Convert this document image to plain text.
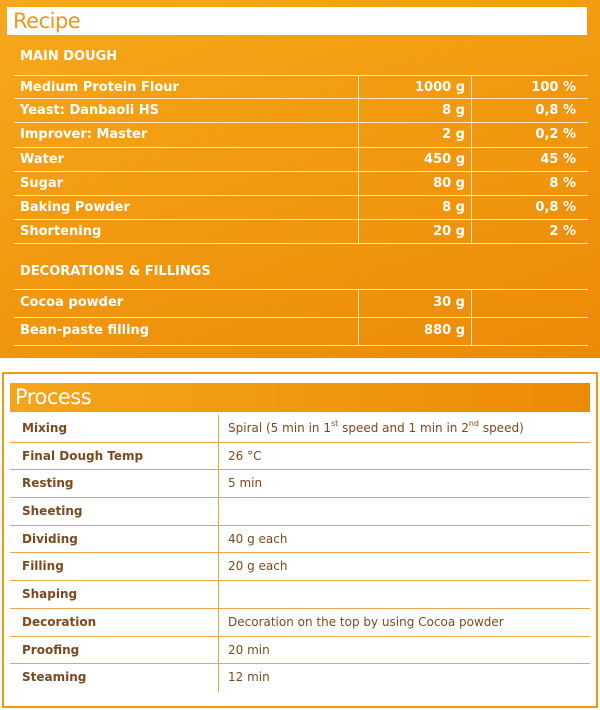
Recipe
MAIN DOUGH
Medium Protein Flour	1000 g	100 %
Yeast: Danbaoli HS	8 g	0,8 %
Improver: Master	2 g	0,2 %
Water	450 g	45 %
Sugar	80 g	8 %
Baking Powder	8 g	0,8 %
Shortening	20 g	2 %
DECORATIONS & FILLINGS
Cocoa powder	30 g
Bean-paste filling	880 g
Process
Mixing	Spiral (5 min in 1st speed and 1 min in 2nd speed)
Final Dough Temp	26 °C
Resting	5 min
Sheeting
Dividing	40 g each
Filling	20 g each
Shaping
Decoration	Decoration on the top by using Cocoa powder
Proofing	20 min
Steaming	12 min
